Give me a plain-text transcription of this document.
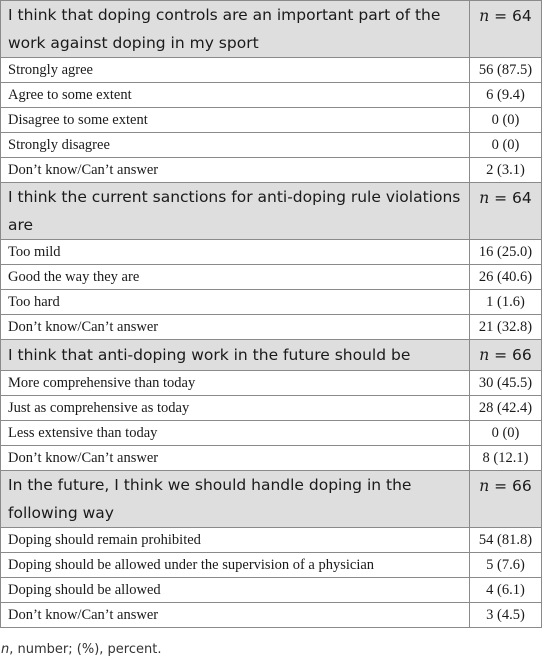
I think that doping controls are an important part of the work against doping in my sport	n = 64
Strongly agree	56 (87.5)
Agree to some extent	6 (9.4)
Disagree to some extent	0 (0)
Strongly disagree	0 (0)
Don’t know/Can’t answer	2 (3.1)
I think the current sanctions for anti-doping rule violations are	n = 64
Too mild	16 (25.0)
Good the way they are	26 (40.6)
Too hard	1 (1.6)
Don’t know/Can’t answer	21 (32.8)
I think that anti-doping work in the future should be	n = 66
More comprehensive than today	30 (45.5)
Just as comprehensive as today	28 (42.4)
Less extensive than today	0 (0)
Don’t know/Can’t answer	8 (12.1)
In the future, I think we should handle doping in the following way	n = 66
Doping should remain prohibited	54 (81.8)
Doping should be allowed under the supervision of a physician	5 (7.6)
Doping should be allowed	4 (6.1)
Don’t know/Can’t answer	3 (4.5)
n, number; (%), percent.
